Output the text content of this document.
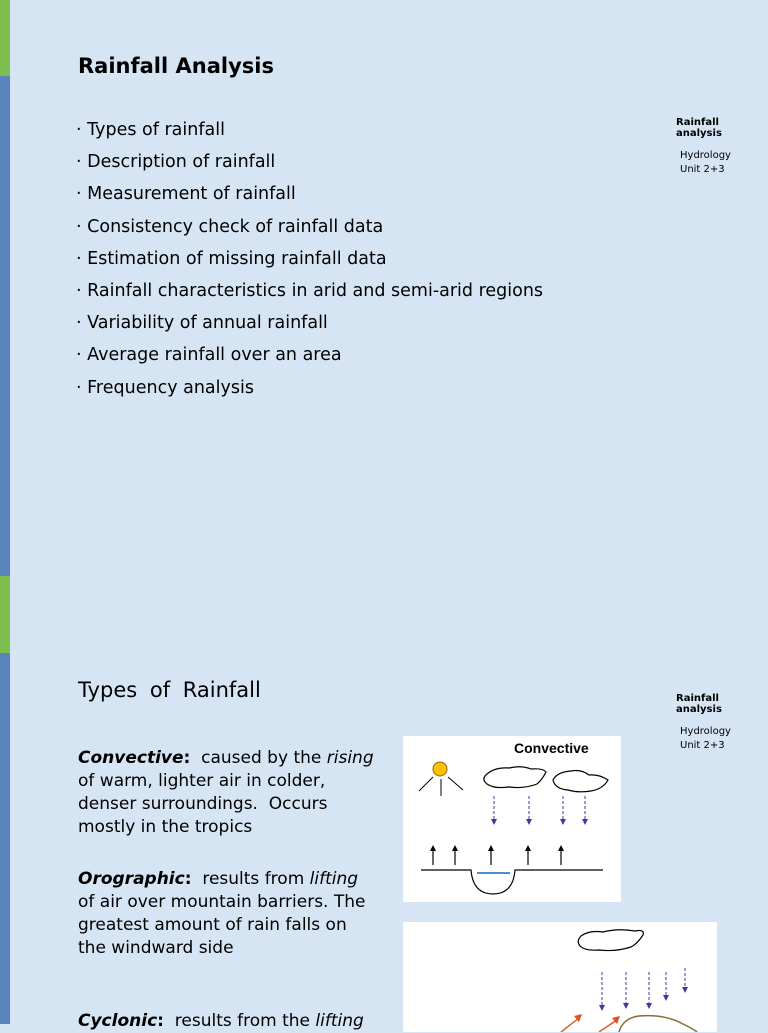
Rainfall Analysis
· Types of rainfall
· Description of rainfall
· Measurement of rainfall
· Consistency check of rainfall data
· Estimation of missing rainfall data
· Rainfall characteristics in arid and semi-arid regions
· Variability of annual rainfall
· Average rainfall over an area
· Frequency analysis
Rainfall analysis
Hydrology
Unit 2+3
Types of Rainfall	Rainfall analysis
Hydrology
Unit 2+3
Convective:  caused by the rising of warm, lighter air in colder, denser surroundings.  Occurs mostly in the tropics
Orographic:  results from lifting of air over mountain barriers. The greatest amount of rain falls on the windward side
Cyclonic:  results from the lifting
Convective
